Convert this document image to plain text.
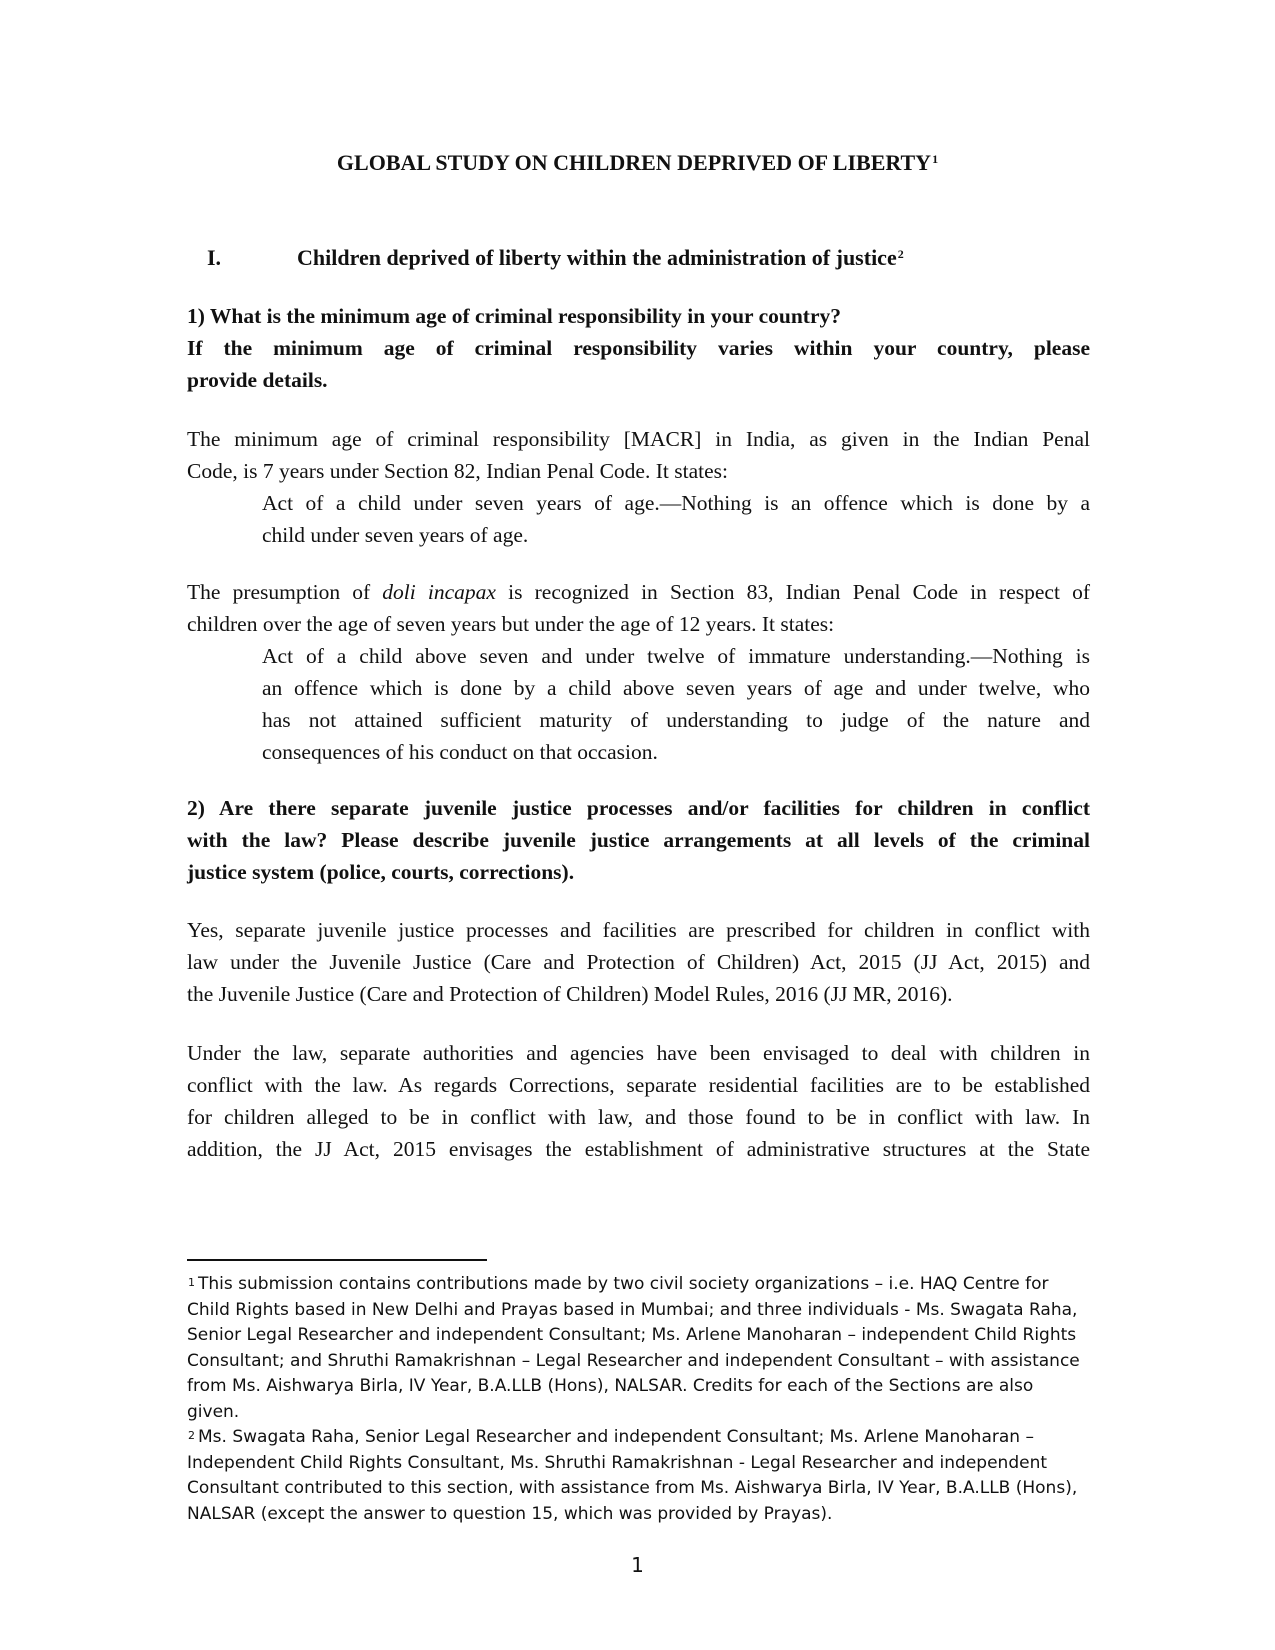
GLOBAL STUDY ON CHILDREN DEPRIVED OF LIBERTY$^1$
I.	Children deprived of liberty within the administration of justice$^2$
1) What is the minimum age of criminal responsibility in your country?
If the minimum age of criminal responsibility varies within your country, please
provide details.
The minimum age of criminal responsibility [MACR] in India, as given in the Indian Penal
Code, is 7 years under Section 82, Indian Penal Code. It states:
Act of a child under seven years of age.—Nothing is an offence which is done by a
child under seven years of age.
The presumption of doli incapax is recognized in Section 83, Indian Penal Code in respect of
children over the age of seven years but under the age of 12 years. It states:
Act of a child above seven and under twelve of immature understanding.—Nothing is
an offence which is done by a child above seven years of age and under twelve, who
has not attained sufficient maturity of understanding to judge of the nature and
consequences of his conduct on that occasion.
2) Are there separate juvenile justice processes and/or facilities for children in conflict
with the law? Please describe juvenile justice arrangements at all levels of the criminal
justice system (police, courts, corrections).
Yes, separate juvenile justice processes and facilities are prescribed for children in conflict with
law under the Juvenile Justice (Care and Protection of Children) Act, 2015 (JJ Act, 2015) and
the Juvenile Justice (Care and Protection of Children) Model Rules, 2016 (JJ MR, 2016).
Under the law, separate authorities and agencies have been envisaged to deal with children in
conflict with the law. As regards Corrections, separate residential facilities are to be established
for children alleged to be in conflict with law, and those found to be in conflict with law. In
addition, the JJ Act, 2015 envisages the establishment of administrative structures at the State
$^1$ This submission contains contributions made by two civil society organizations – i.e. HAQ Centre for
Child Rights based in New Delhi and Prayas based in Mumbai; and three individuals - Ms. Swagata Raha,
Senior Legal Researcher and independent Consultant; Ms. Arlene Manoharan – independent Child Rights
Consultant; and Shruthi Ramakrishnan – Legal Researcher and independent Consultant – with assistance
from Ms. Aishwarya Birla, IV Year, B.A.LLB (Hons), NALSAR. Credits for each of the Sections are also given.
$^2$ Ms. Swagata Raha, Senior Legal Researcher and independent Consultant; Ms. Arlene Manoharan –
Independent Child Rights Consultant, Ms. Shruthi Ramakrishnan - Legal Researcher and independent
Consultant contributed to this section, with assistance from Ms. Aishwarya Birla, IV Year, B.A.LLB (Hons),
NALSAR (except the answer to question 15, which was provided by Prayas).
1
